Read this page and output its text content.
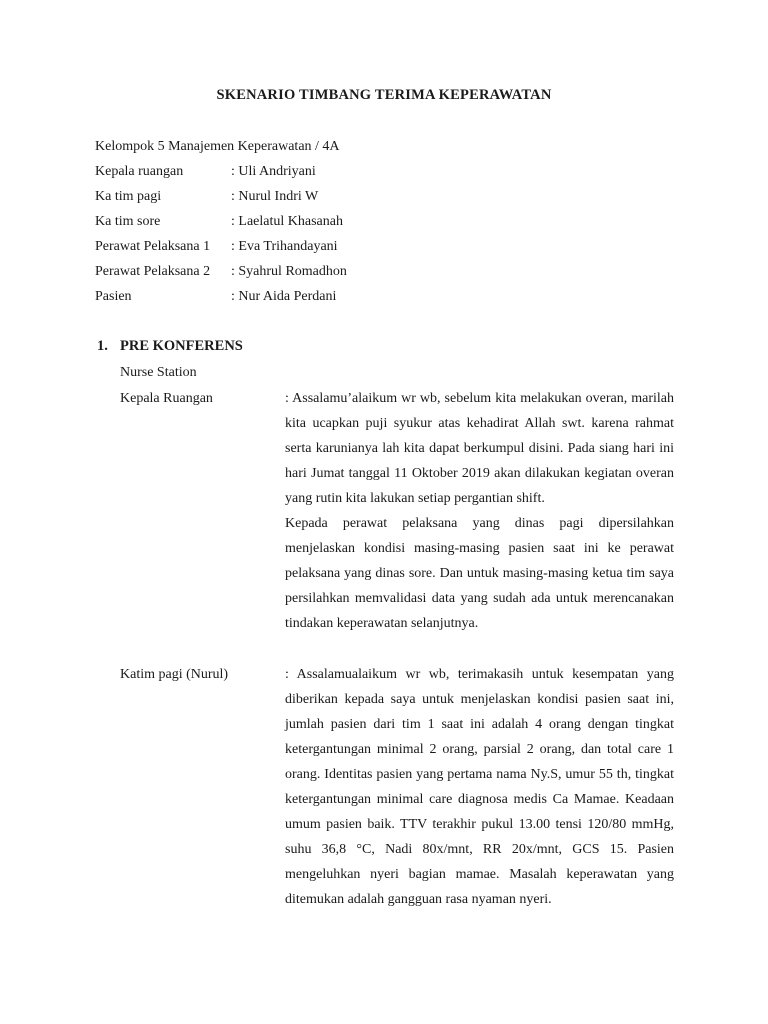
SKENARIO TIMBANG TERIMA KEPERAWATAN
Kelompok 5 Manajemen Keperawatan / 4A
Kepala ruangan	: Uli Andriyani
Ka tim pagi	: Nurul Indri W
Ka tim sore	: Laelatul Khasanah
Perawat Pelaksana 1 : Eva Trihandayani
Perawat Pelaksana 2 : Syahrul Romadhon
Pasien	: Nur Aida Perdani
1. PRE KONFERENS
Nurse Station
Kepala Ruangan	: Assalamu’alaikum wr wb, sebelum kita melakukan overan, marilah kita ucapkan puji syukur atas kehadirat Allah swt. karena rahmat serta karunianya lah kita dapat berkumpul disini. Pada siang hari ini hari Jumat tanggal 11 Oktober 2019 akan dilakukan kegiatan overan yang rutin kita lakukan setiap pergantian shift.

Kepada perawat pelaksana yang dinas pagi dipersilahkan menjelaskan kondisi masing-masing pasien saat ini ke perawat pelaksana yang dinas sore. Dan untuk masing-masing ketua tim saya persilahkan memvalidasi data yang sudah ada untuk merencanakan tindakan keperawatan selanjutnya.

Katim pagi (Nurul)	: Assalamualaikum wr wb, terimakasih untuk kesempatan yang diberikan kepada saya untuk menjelaskan kondisi pasien saat ini, jumlah pasien dari tim 1 saat ini adalah 4 orang dengan tingkat ketergantungan minimal 2 orang, parsial 2 orang, dan total care 1 orang. Identitas pasien yang pertama nama Ny.S, umur 55 th, tingkat ketergantungan minimal care diagnosa medis Ca Mamae. Keadaan umum pasien baik. TTV terakhir pukul 13.00 tensi 120/80 mmHg, suhu 36,8 °C, Nadi 80x/mnt, RR 20x/mnt, GCS 15. Pasien mengeluhkan nyeri bagian mamae. Masalah keperawatan yang ditemukan adalah gangguan rasa nyaman nyeri.
